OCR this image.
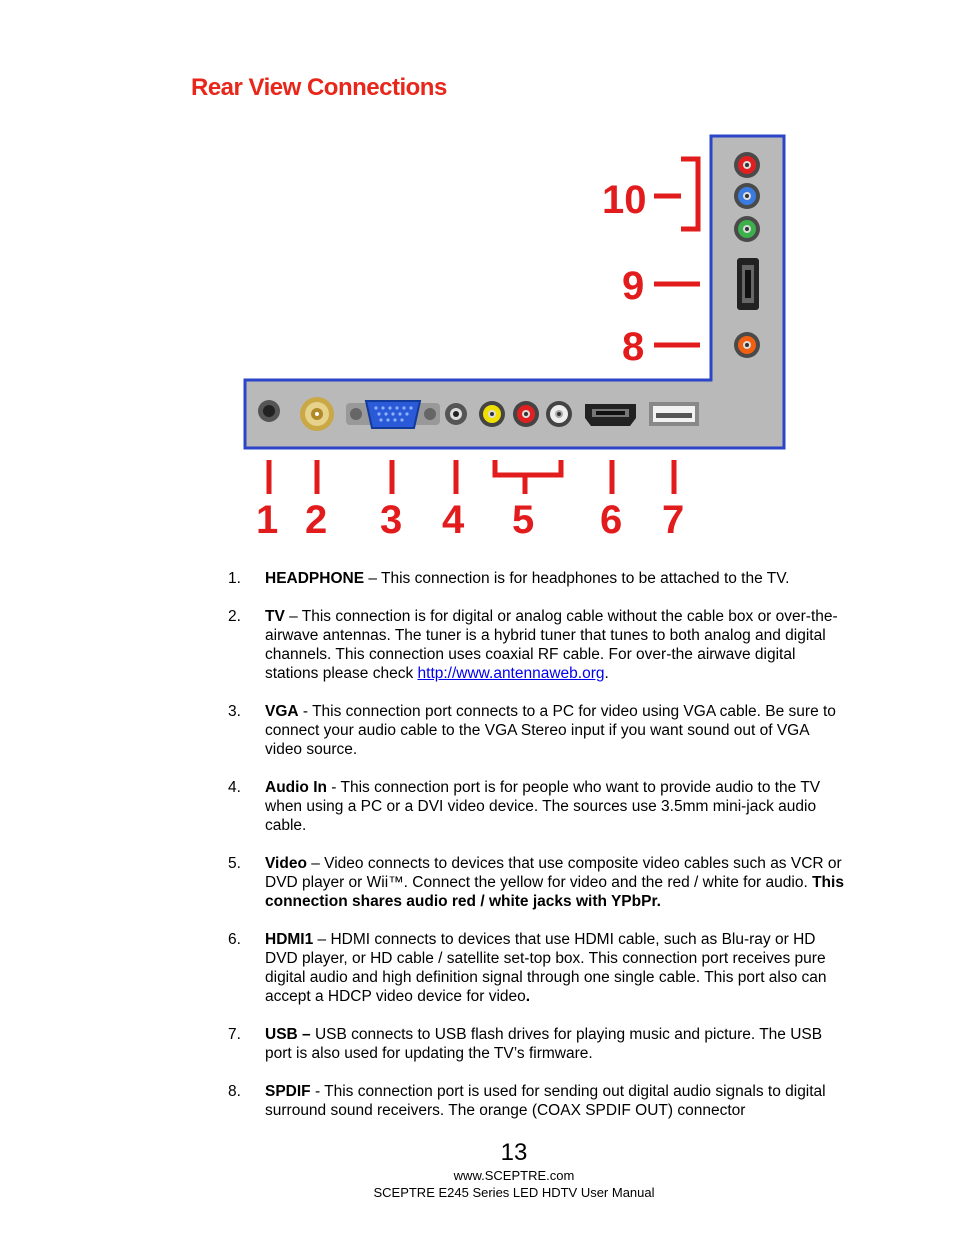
Rear View Connections
1 2 3 4 5 6 7
10
9
8
1. HEADPHONE – This connection is for headphones to be attached to the TV.
2. TV – This connection is for digital or analog cable without the cable box or over-the-airwave antennas. The tuner is a hybrid tuner that tunes to both analog and digital channels. This connection uses coaxial RF cable. For over-the airwave digital stations please check http://www.antennaweb.org.
3. VGA - This connection port connects to a PC for video using VGA cable. Be sure to connect your audio cable to the VGA Stereo input if you want sound out of VGA video source.
4. Audio In - This connection port is for people who want to provide audio to the TV when using a PC or a DVI video device. The sources use 3.5mm mini-jack audio cable.
5. Video – Video connects to devices that use composite video cables such as VCR or DVD player or Wii™. Connect the yellow for video and the red / white for audio. This connection shares audio red / white jacks with YPbPr.
6. HDMI1 – HDMI connects to devices that use HDMI cable, such as Blu-ray or HD DVD player, or HD cable / satellite set-top box. This connection port receives pure digital audio and high definition signal through one single cable. This port also can accept a HDCP video device for video.
7. USB – USB connects to USB flash drives for playing music and picture. The USB port is also used for updating the TV’s firmware.
8. SPDIF - This connection port is used for sending out digital audio signals to digital surround sound receivers. The orange (COAX SPDIF OUT) connector
13
www.SCEPTRE.com
SCEPTRE E245 Series LED HDTV User Manual
